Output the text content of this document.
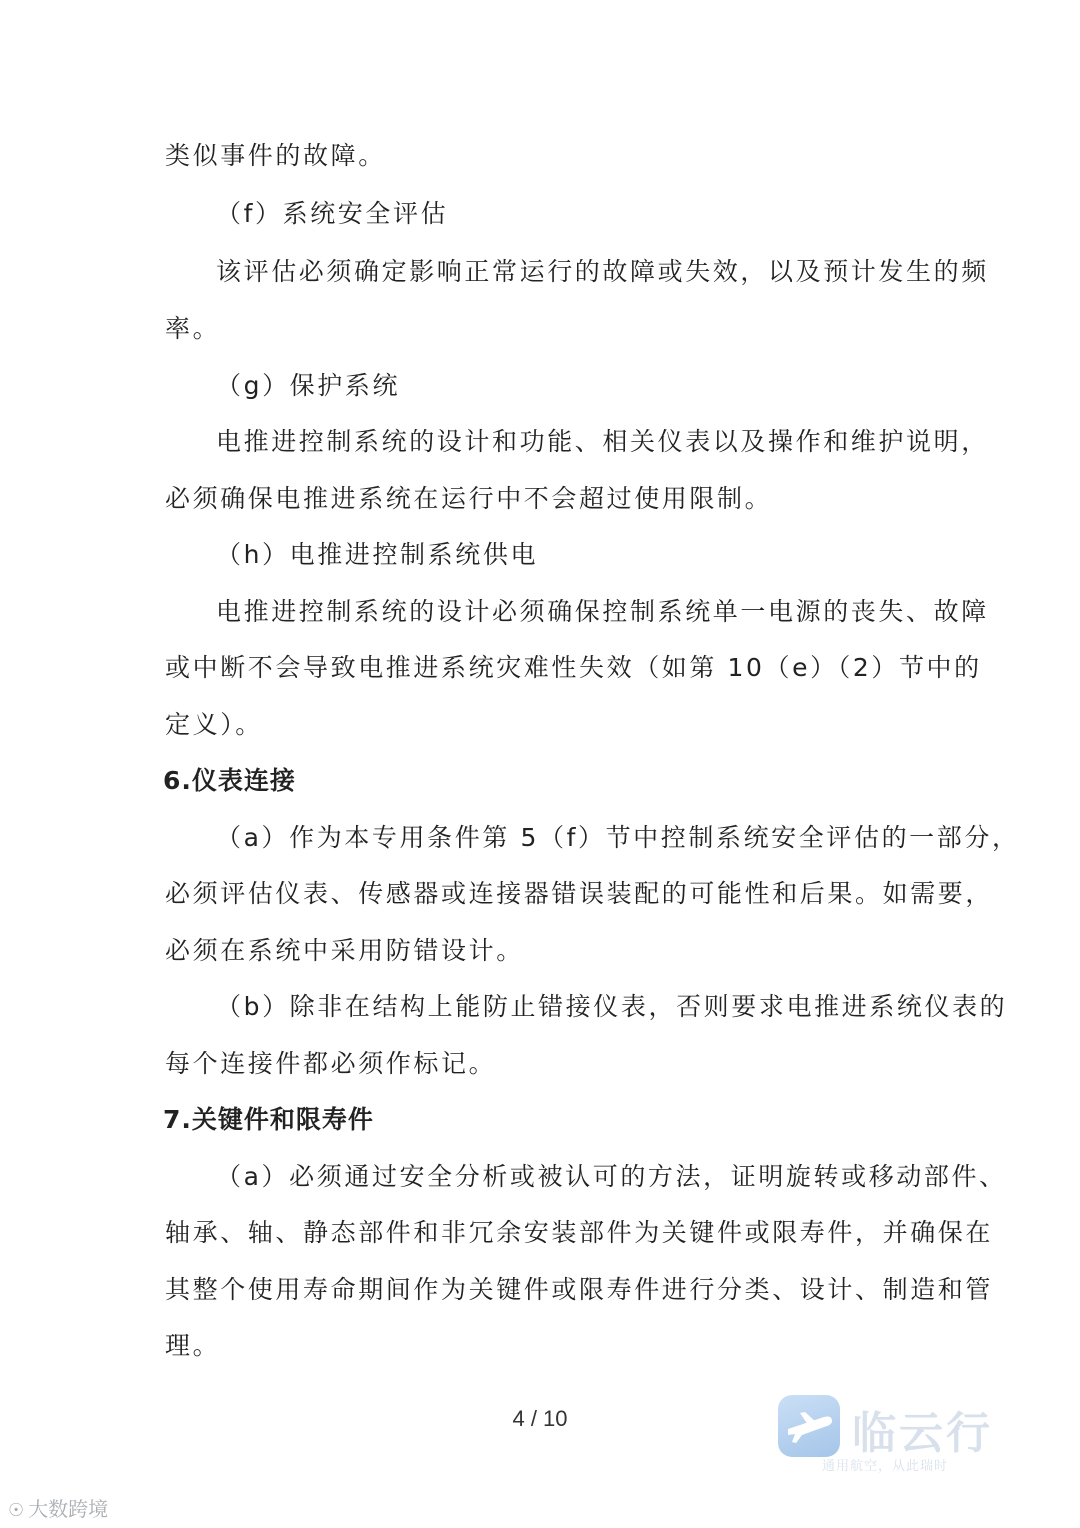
类似事件的故障。
（f）系统安全评估
该评估必须确定影响正常运行的故障或失效，以及预计发生的频
率。
（g）保护系统
电推进控制系统的设计和功能、相关仪表以及操作和维护说明，
必须确保电推进系统在运行中不会超过使用限制。
（h）电推进控制系统供电
电推进控制系统的设计必须确保控制系统单一电源的丧失、故障
或中断不会导致电推进系统灾难性失效（如第 10（e）（2）节中的
定义）。
6.仪表连接
（a）作为本专用条件第 5（f）节中控制系统安全评估的一部分，
必须评估仪表、传感器或连接器错误装配的可能性和后果。如需要，
必须在系统中采用防错设计。
（b）除非在结构上能防止错接仪表，否则要求电推进系统仪表的
每个连接件都必须作标记。
7.关键件和限寿件
（a）必须通过安全分析或被认可的方法，证明旋转或移动部件、
轴承、轴、静态部件和非冗余安装部件为关键件或限寿件，并确保在
其整个使用寿命期间作为关键件或限寿件进行分类、设计、制造和管
理。
4 / 10	临云行
通用航空，从此瑞时
☉ 大数跨境
